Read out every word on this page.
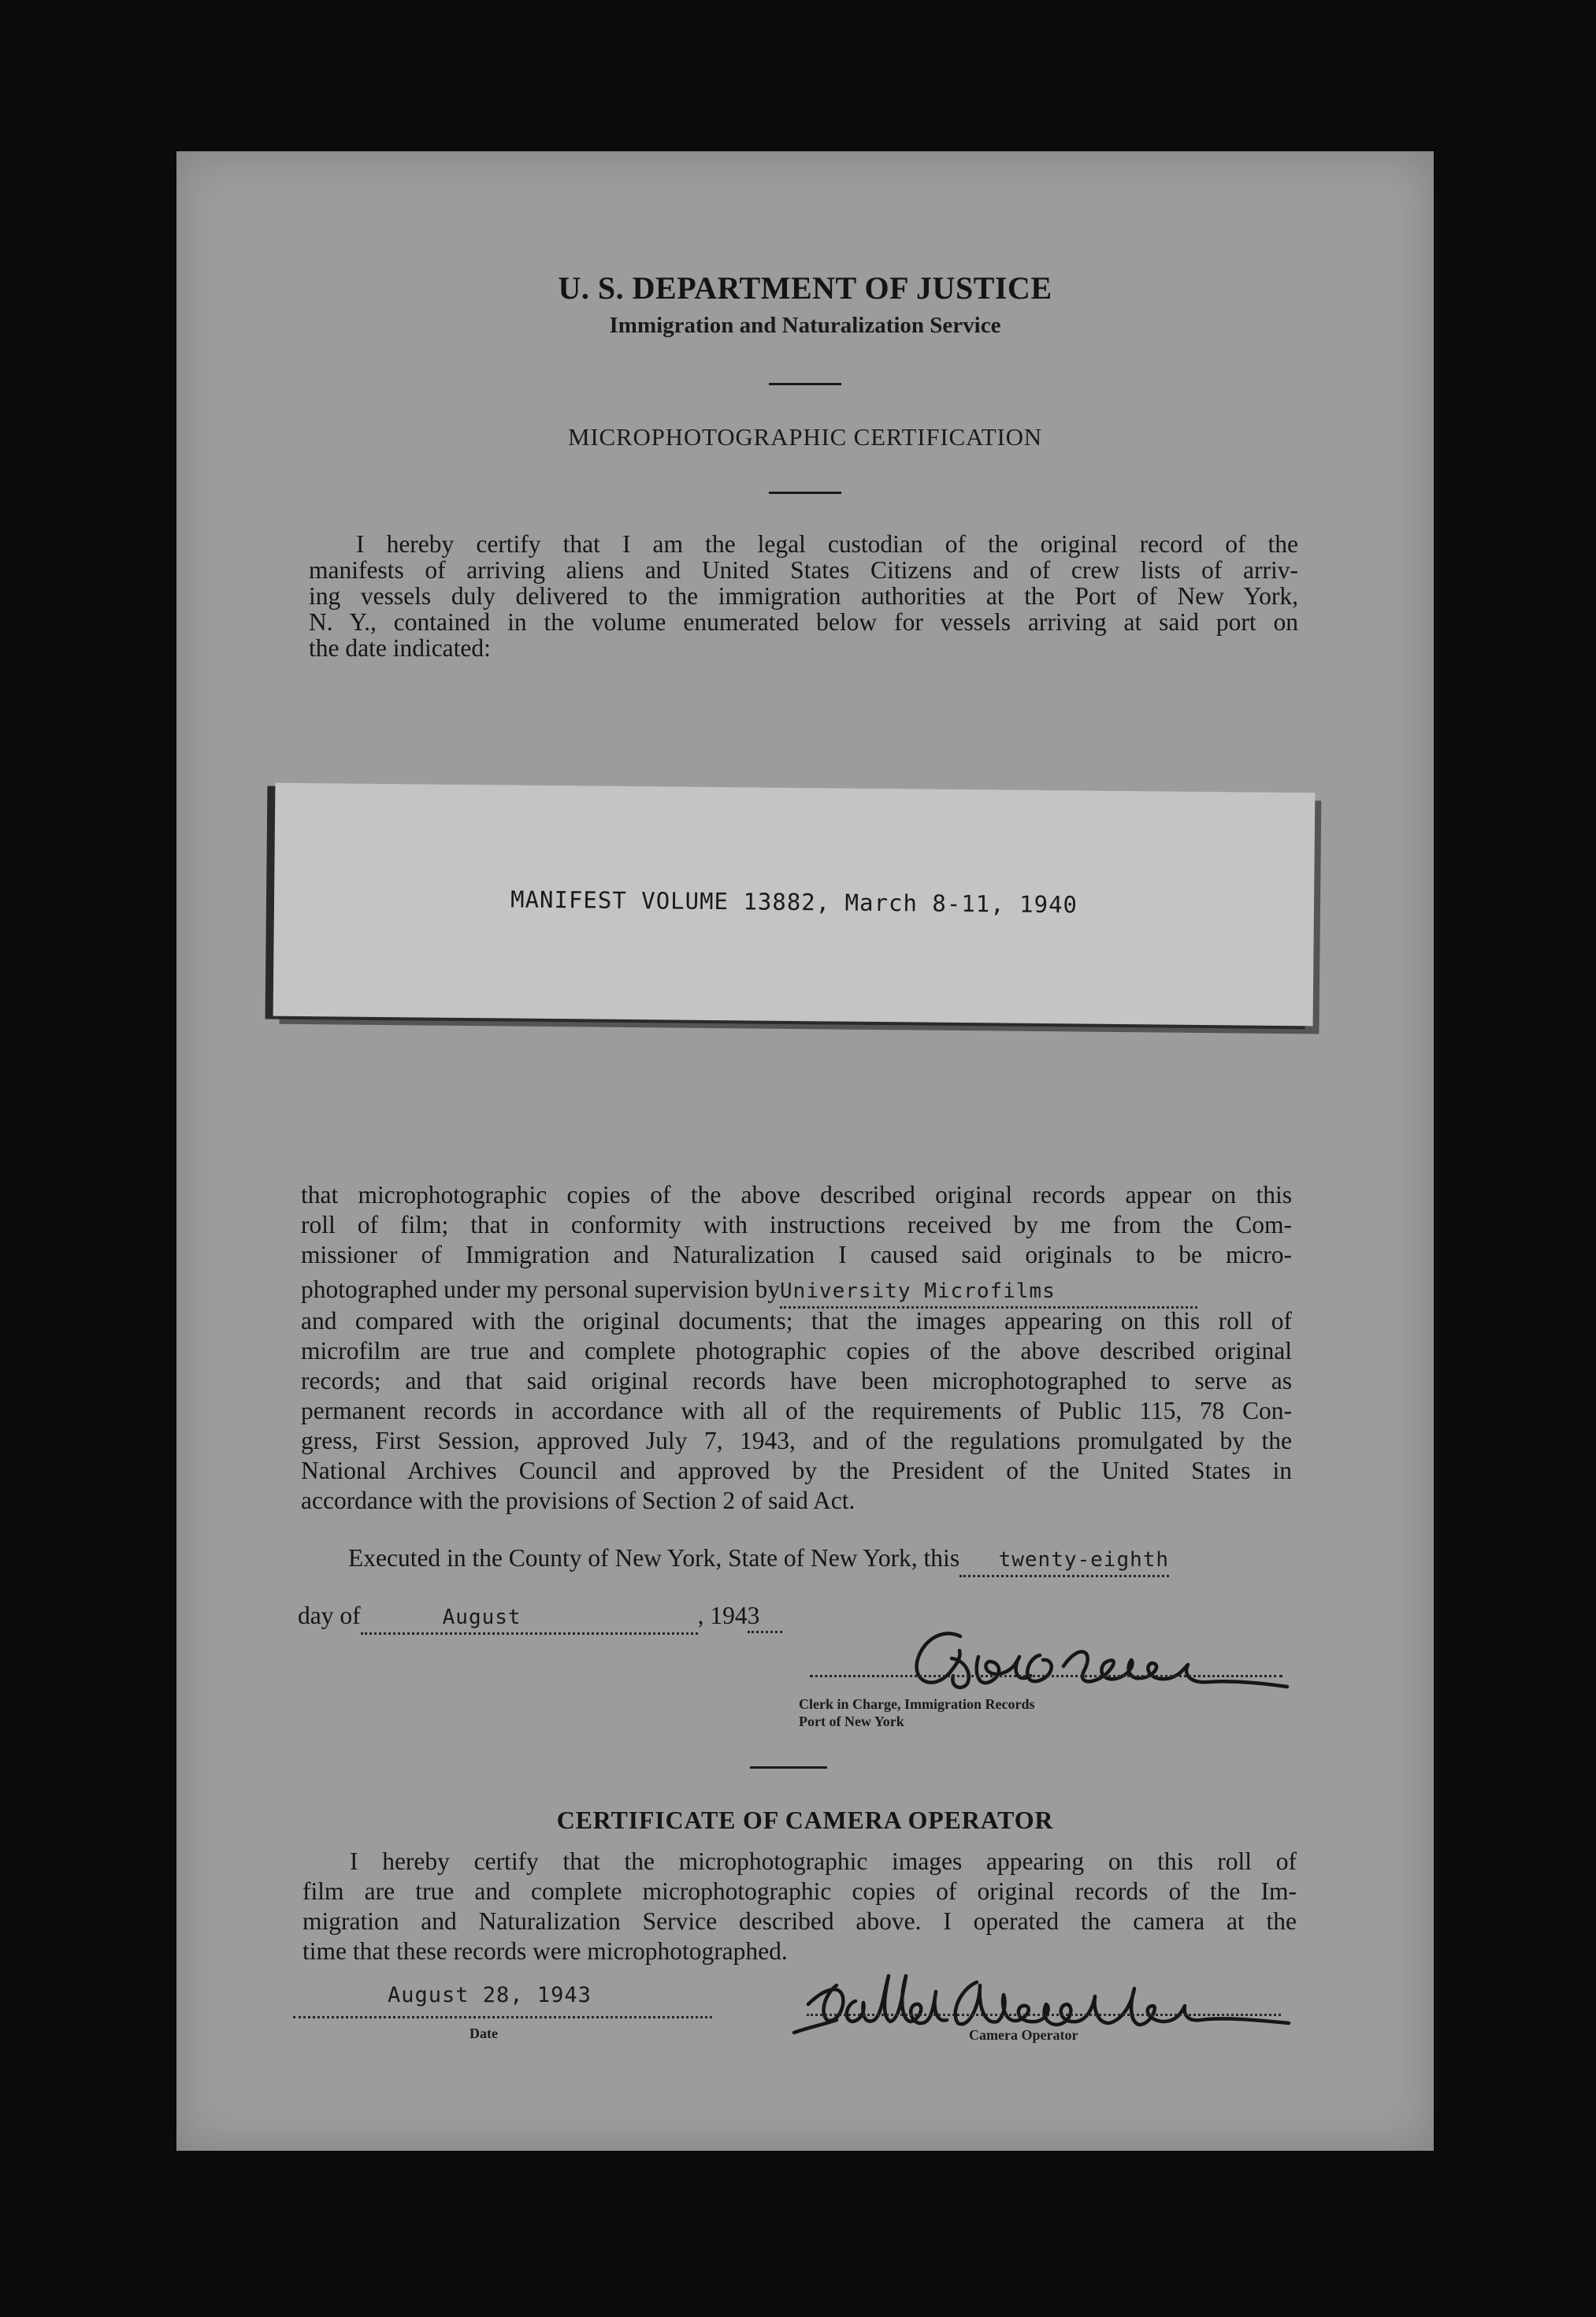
U. S. DEPARTMENT OF JUSTICE
Immigration and Naturalization Service
MICROPHOTOGRAPHIC CERTIFICATION
I hereby certify that I am the legal custodian of the original record of the
manifests of arriving aliens and United States Citizens and of crew lists of arriv-
ing vessels duly delivered to the immigration authorities at the Port of New York,
N. Y., contained in the volume enumerated below for vessels arriving at said port on
the date indicated:
MANIFEST VOLUME 13882, March 8-11, 1940
that microphotographic copies of the above described original records appear on this
roll of film; that in conformity with instructions received by me from the Com-
missioner of Immigration and Naturalization I caused said originals to be micro-
photographed under my personal supervision byUniversity Microfilms
and compared with the original documents; that the images appearing on this roll of
microfilm are true and complete photographic copies of the above described original
records; and that said original records have been microphotographed to serve as
permanent records in accordance with all of the requirements of Public 115, 78 Con-
gress, First Session, approved July 7, 1943, and of the regulations promulgated by the
National Archives Council and approved by the President of the United States in
accordance with the provisions of Section 2 of said Act.
Executed in the County of New York, State of New York, this twenty-eighth
day of	August	, 1943
Clerk in Charge, Immigration Records
Port of New York
CERTIFICATE OF CAMERA OPERATOR
I hereby certify that the microphotographic images appearing on this roll of
film are true and complete microphotographic copies of original records of the Im-
migration and Naturalization Service described above. I operated the camera at the
time that these records were microphotographed.
August 28, 1943
Date	Camera Operator
